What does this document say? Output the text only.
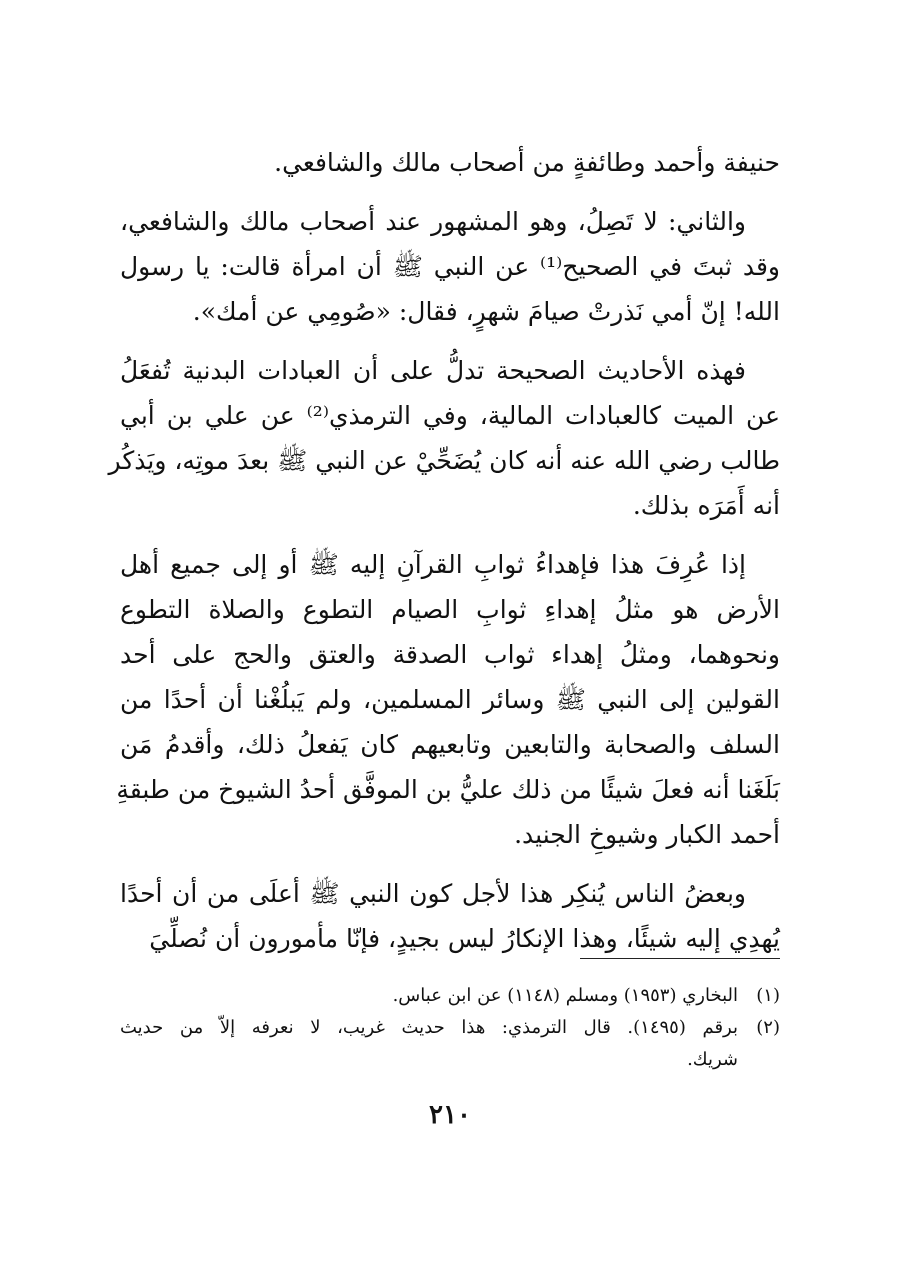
حنيفة وأحمد وطائفةٍ من أصحاب مالك والشافعي.
والثاني: لا تَصِلُ، وهو المشهور عند أصحاب مالك والشافعي،
وقد ثبتَ في الصحيح⁽¹⁾ عن النبي ﷺ أن امرأة قالت: يا رسول
الله! إنّ أمي نَذرتْ صيامَ شهرٍ، فقال: «صُومِي عن أمك».
فهذه الأحاديث الصحيحة تدلُّ على أن العبادات البدنية تُفعَلُ
عن الميت كالعبادات المالية، وفي الترمذي⁽²⁾ عن علي بن أبي
طالب رضي الله عنه أنه كان يُضَحِّيْ عن النبي ﷺ بعدَ موتِه، ويَذكُر
أنه أَمَرَه بذلك.
إذا عُرِفَ هذا فإهداءُ ثوابِ القرآنِ إليه ﷺ أو إلى جميع أهل
الأرض هو مثلُ إهداءِ ثوابِ الصيام التطوع والصلاة التطوع
ونحوهما، ومثلُ إهداء ثواب الصدقة والعتق والحج على أحد
القولين إلى النبي ﷺ وسائر المسلمين، ولم يَبلُغْنا أن أحدًا من
السلف والصحابة والتابعين وتابعيهم كان يَفعلُ ذلك، وأقدمُ مَن
بَلَغَنا أنه فعلَ شيئًا من ذلك عليُّ بن الموفَّق أحدُ الشيوخ من طبقةِ
أحمد الكبار وشيوخِ الجنيد.
وبعضُ الناس يُنكِر هذا لأجل كون النبي ﷺ أعلَى من أن أحدًا
يُهدِي إليه شيئًا، وهذا الإنكارُ ليس بجيدٍ، فإنّا مأمورون أن نُصلِّيَ
(١)
البخاري (١٩٥٣) ومسلم (١١٤٨) عن ابن عباس.
(٢)
برقم (١٤٩٥). قال الترمذي: هذا حديث غريب، لا نعرفه إلاّ من حديث
شريك.
٢١٠
